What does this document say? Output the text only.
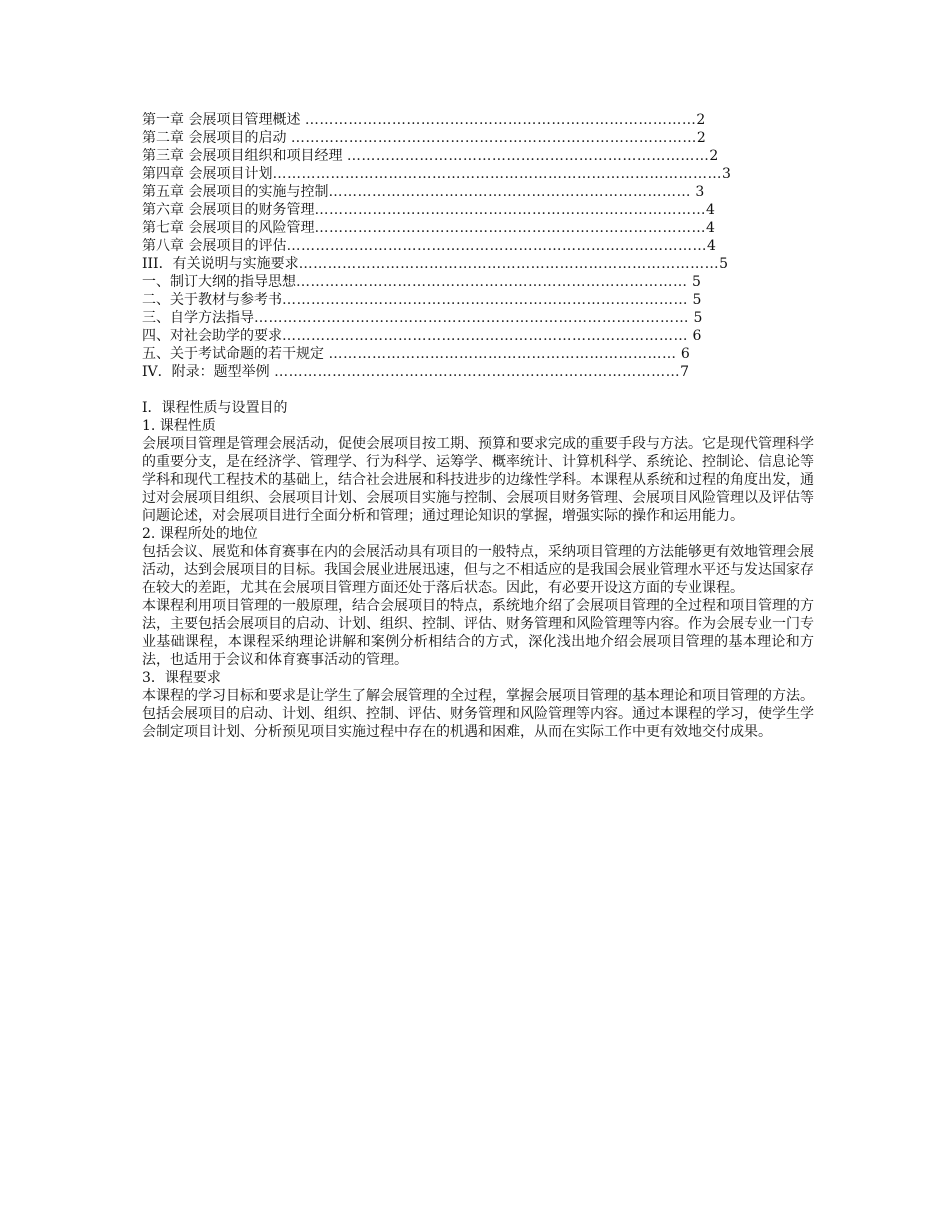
第一章 会展项目管理概述 ………………………………………………………………………2
第二章 会展项目的启动 …………………………………………………………………………2
第三章 会展项目组织和项目经理 …………………………………………………………………2
第四章 会展项目计划…………………………………………………………………………………3
第五章 会展项目的实施与控制………………………………………………………………… 3
第六章 会展项目的财务管理………………………………………………………………………4
第七章 会展项目的风险管理………………………………………………………………………4
第八章 会展项目的评估……………………………………………………………………………4
III．有关说明与实施要求……………………………………………………………………………5
一、制订大纲的指导思想……………………………………………………………………… 5
二、关于教材与参考书………………………………………………………………………… 5
三、自学方法指导……………………………………………………………………………… 5
四、对社会助学的要求………………………………………………………………………… 6
五、关于考试命题的若干规定 ……………………………………………………………… 6
IV．附录：题型举例 …………………………………………………………………………7
I．课程性质与设置目的
1. 课程性质
会展项目管理是管理会展活动，促使会展项目按工期、预算和要求完成的重要手段与方法。它是现代管理科学的重要分支，是在经济学、管理学、行为科学、运筹学、概率统计、计算机科学、系统论、控制论、信息论等学科和现代工程技术的基础上，结合社会进展和科技进步的边缘性学科。本课程从系统和过程的角度出发，通过对会展项目组织、会展项目计划、会展项目实施与控制、会展项目财务管理、会展项目风险管理以及评估等问题论述，对会展项目进行全面分析和管理；通过理论知识的掌握，增强实际的操作和运用能力。
2. 课程所处的地位
包括会议、展览和体育赛事在内的会展活动具有项目的一般特点，采纳项目管理的方法能够更有效地管理会展活动，达到会展项目的目标。我国会展业进展迅速，但与之不相适应的是我国会展业管理水平还与发达国家存在较大的差距，尤其在会展项目管理方面还处于落后状态。因此，有必要开设这方面的专业课程。
本课程利用项目管理的一般原理，结合会展项目的特点，系统地介绍了会展项目管理的全过程和项目管理的方法，主要包括会展项目的启动、计划、组织、控制、评估、财务管理和风险管理等内容。作为会展专业一门专业基础课程，本课程采纳理论讲解和案例分析相结合的方式，深化浅出地介绍会展项目管理的基本理论和方法，也适用于会议和体育赛事活动的管理。
3．课程要求
本课程的学习目标和要求是让学生了解会展管理的全过程，掌握会展项目管理的基本理论和项目管理的方法。包括会展项目的启动、计划、组织、控制、评估、财务管理和风险管理等内容。通过本课程的学习，使学生学会制定项目计划、分析预见项目实施过程中存在的机遇和困难，从而在实际工作中更有效地交付成果。
